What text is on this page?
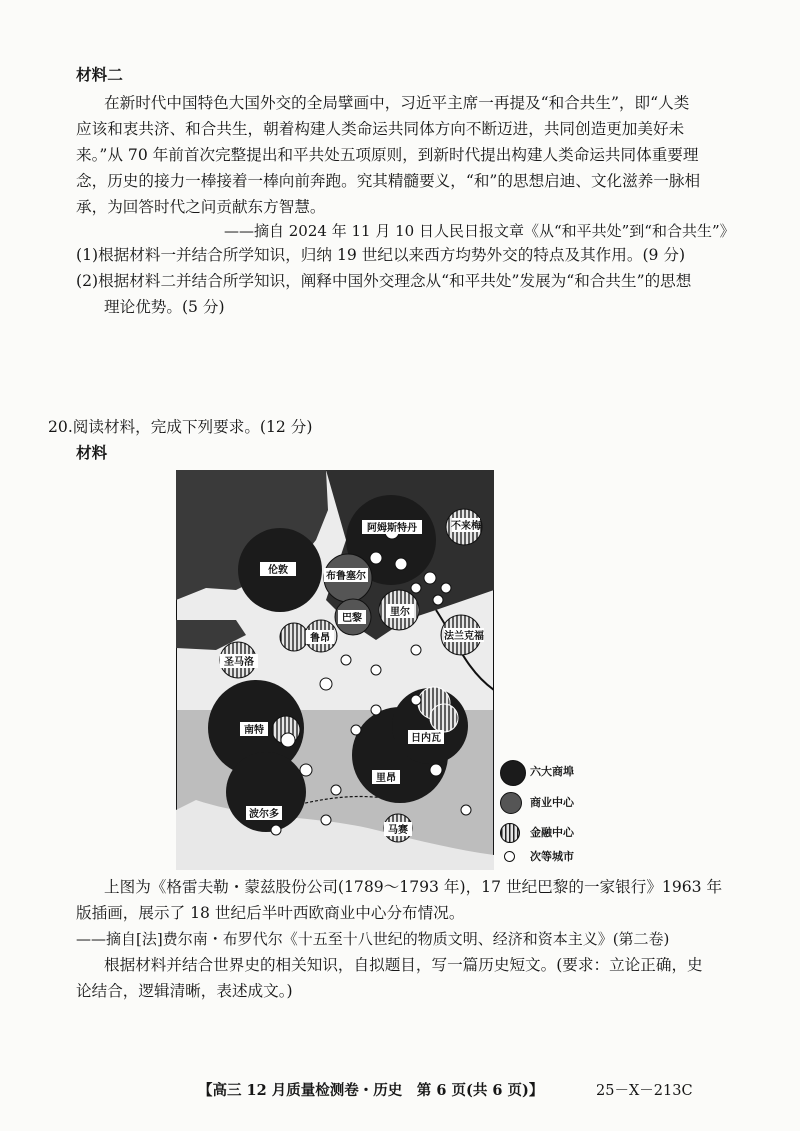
材料二
在新时代中国特色大国外交的全局擘画中，习近平主席一再提及“和合共生”，即“人类
应该和衷共济、和合共生，朝着构建人类命运共同体方向不断迈进，共同创造更加美好未
来。”从 70 年前首次完整提出和平共处五项原则，到新时代提出构建人类命运共同体重要理
念，历史的接力一棒接着一棒向前奔跑。究其精髓要义，“和”的思想启迪、文化滋养一脉相
承，为回答时代之问贡献东方智慧。
——摘自 2024 年 11 月 10 日人民日报文章《从“和平共处”到“和合共生”》
(1)根据材料一并结合所学知识，归纳 19 世纪以来西方均势外交的特点及其作用。(9 分)
(2)根据材料二并结合所学知识，阐释中国外交理念从“和平共处”发展为“和合共生”的思想
理论优势。(5 分)
20.阅读材料，完成下列要求。(12 分)
材料
伦敦
阿姆斯特丹	不来梅
布鲁塞尔
里尔
法兰克福
鲁昂
巴黎
圣马洛
南特
日内瓦
里昂
波尔多
马赛
六大商埠
商业中心
金融中心
次等城市
上图为《格雷夫勒・蒙兹股份公司(1789～1793 年)，17 世纪巴黎的一家银行》1963 年
版插画，展示了 18 世纪后半叶西欧商业中心分布情况。
——摘自[法]费尔南・布罗代尔《十五至十八世纪的物质文明、经济和资本主义》(第二卷)
根据材料并结合世界史的相关知识，自拟题目，写一篇历史短文。(要求：立论正确，史
论结合，逻辑清晰，表述成文。)
【高三 12 月质量检测卷・历史　第 6 页(共 6 页)】	25－X－213C
